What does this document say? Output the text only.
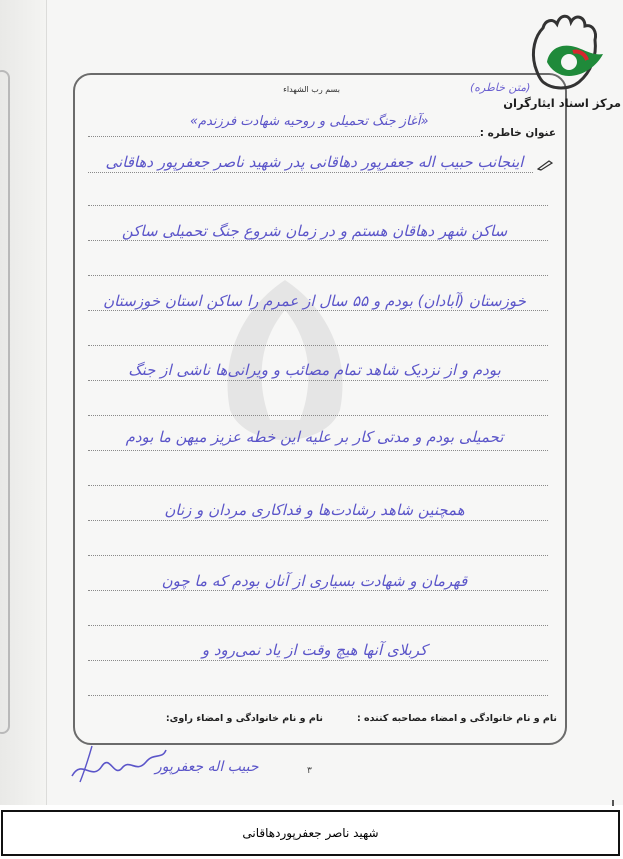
بسم رب الشهداء
مرکز اسناد ایثارگران
(متن خاطره)
عنوان خاطره :
«آغاز جنگ تحمیلی و روحیه شهادت فرزندم»
اینجانب حبیب اله جعفرپور دهاقانی پدر شهید ناصر جعفرپور دهاقانی
ساکن شهر دهاقان هستم و در زمان شروع جنگ تحمیلی ساکن
خوزستان (آبادان) بودم و ۵۵ سال از عمرم را ساکن استان خوزستان
بودم و از نزدیک شاهد تمام مصائب و ویرانی‌ها ناشی از جنگ
تحمیلی بودم و مدتی کار بر علیه این خطه عزیز میهن ما بودم
همچنین شاهد رشادت‌ها و فداکاری مردان و زنان
قهرمان و شهادت بسیاری از آنان بودم که ما چون
کربلای آنها هیچ وقت از یاد نمی‌رود و
نام و نام خانوادگی و امضاء مصاحبه کننده :
نام و نام خانوادگی و امضاء راوی:
۳
حبیب اله جعفرپور
شهید ناصر جعفرپوردهاقانی
